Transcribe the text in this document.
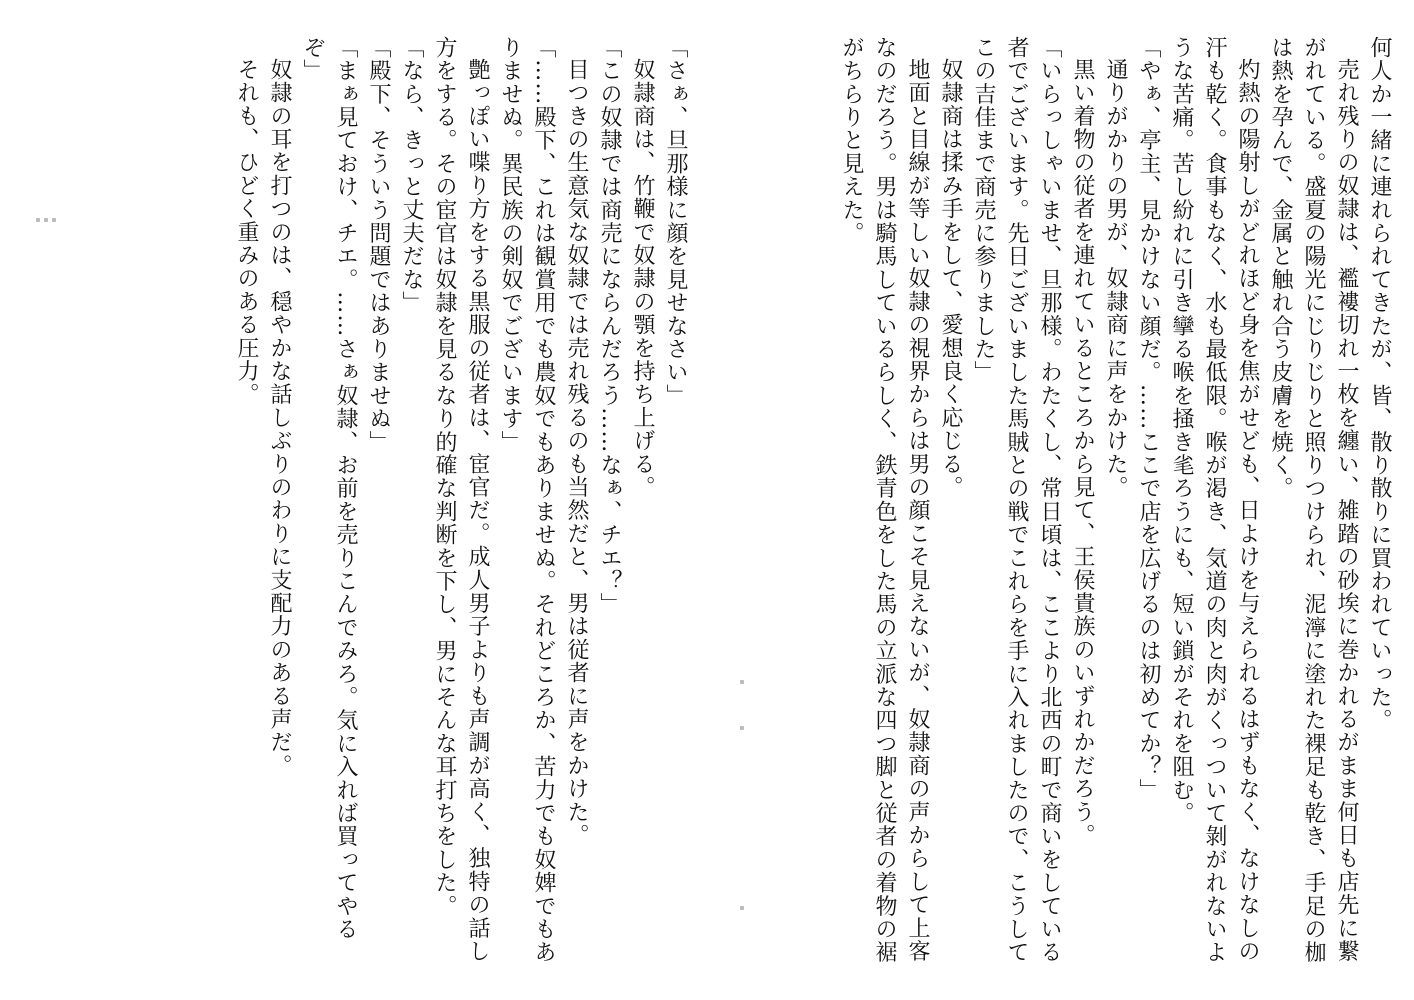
何人か一緒に連れられてきたが、皆、散り散りに買われていった。

売れ残りの奴隷は、襤褸切れ一枚を纏い、雑踏の砂埃に巻かれるがまま何日も店先に繋がれている。盛夏の陽光にじりじりと照りつけられ、泥濘に塗れた裸足も乾き、手足の枷は熱を孕んで、金属と触れ合う皮膚を焼く。

灼熱の陽射しがどれほど身を焦がせども、日よけを与えられるはずもなく、なけなしの汗も乾く。食事もなく、水も最低限。喉が渇き、気道の肉と肉がくっついて剝がれないような苦痛。苦し紛れに引き攣る喉を掻き毟ろうにも、短い鎖がそれを阻む。

「やぁ、亭主、見かけない顔だ。……ここで店を広げるのは初めてか？」

通りがかりの男が、奴隷商に声をかけた。

黒い着物の従者を連れているところから見て、王侯貴族のいずれかだろう。

「いらっしゃいませ、旦那様。わたくし、常日頃は、ここより北西の町で商いをしている者でございます。先日ございました馬賊との戦でこれらを手に入れましたので、こうしてこの吉佳まで商売に参りました」

奴隷商は揉み手をして、愛想良く応じる。

地面と目線が等しい奴隷の視界からは男の顔こそ見えないが、奴隷商の声からして上客なのだろう。男は騎馬しているらしく、鉄青色をした馬の立派な四つ脚と従者の着物の裾がちらりと見えた。

「さぁ、旦那様に顔を見せなさい」

奴隷商は、竹鞭で奴隷の顎を持ち上げる。

「この奴隷では商売にならんだろう……なぁ、チエ？」

目つきの生意気な奴隷では売れ残るのも当然だと、男は従者に声をかけた。

「……殿下、これは観賞用でも農奴でもありませぬ。それどころか、苦力でも奴婢でもありませぬ。異民族の剣奴でございます」

艶っぽい喋り方をする黒服の従者は、宦官だ。成人男子よりも声調が高く、独特の話し方をする。その宦官は奴隷を見るなり的確な判断を下し、男にそんな耳打ちをした。

「なら、きっと丈夫だな」

「殿下、そういう問題ではありませぬ」

「まぁ見ておけ、チエ。……さぁ奴隷、お前を売りこんでみろ。気に入れば買ってやるぞ」

奴隷の耳を打つのは、穏やかな話しぶりのわりに支配力のある声だ。

それも、ひどく重みのある圧力。
